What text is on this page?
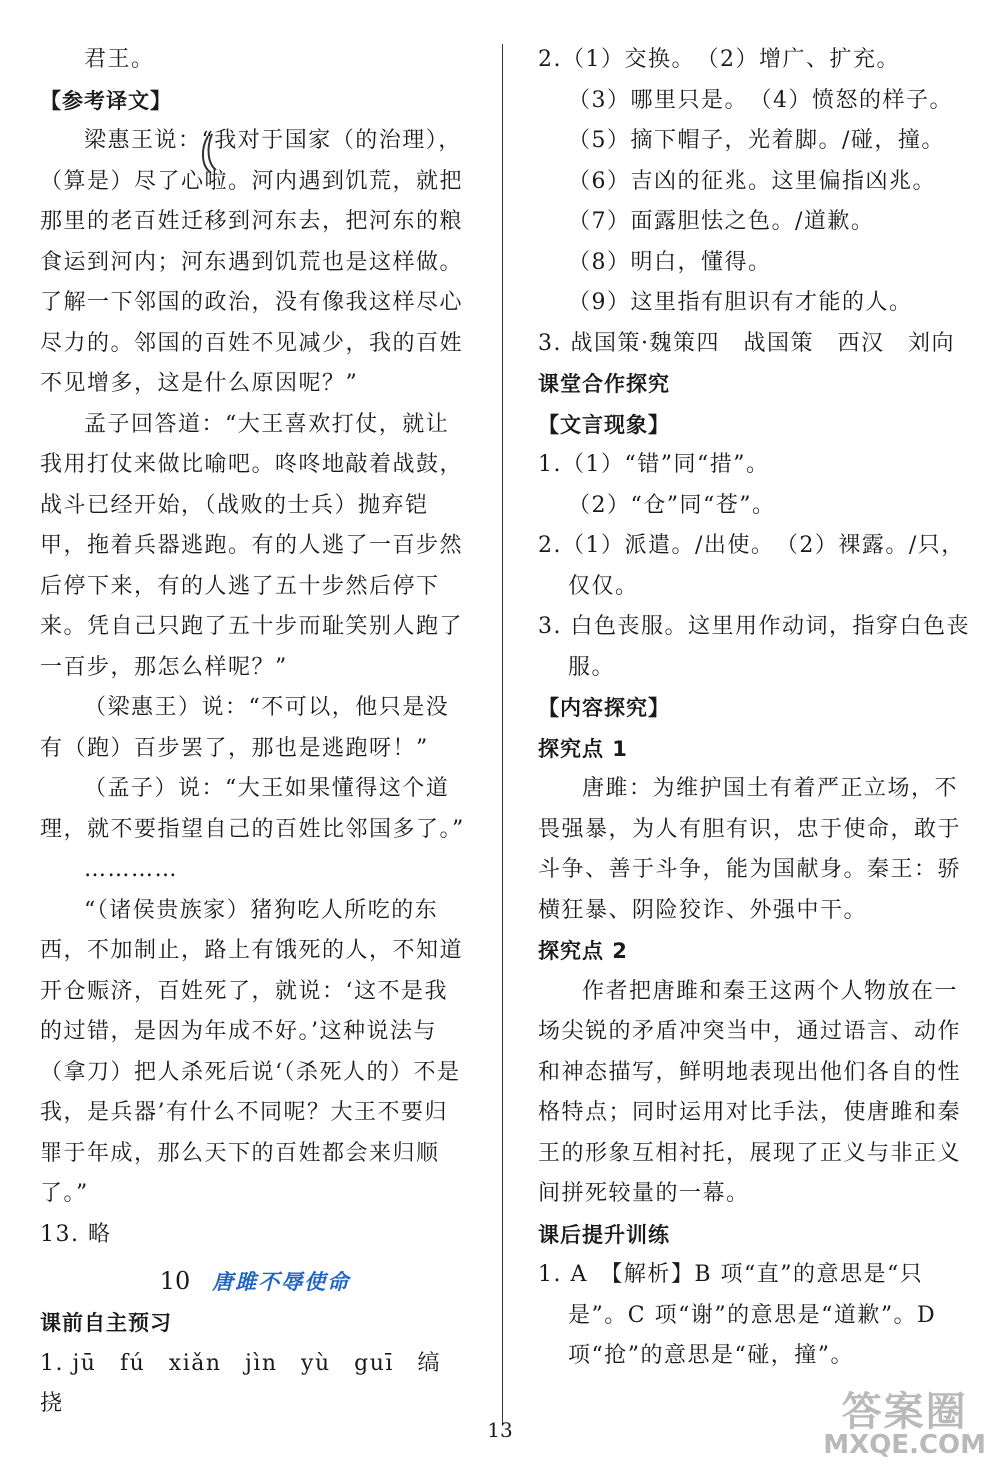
君王。
【参考译文】
梁惠王说：“我对于国家（的治理），（算是）尽了心啦。河内遇到饥荒，就把那里的老百姓迁移到河东去，把河东的粮食运到河内；河东遇到饥荒也是这样做。了解一下邻国的政治，没有像我这样尽心尽力的。邻国的百姓不见减少，我的百姓不见增多，这是什么原因呢？”
孟子回答道：“大王喜欢打仗，就让我用打仗来做比喻吧。咚咚地敲着战鼓，战斗已经开始，（战败的士兵）抛弃铠甲，拖着兵器逃跑。有的人逃了一百步然后停下来，有的人逃了五十步然后停下来。凭自己只跑了五十步而耻笑别人跑了一百步，那怎么样呢？”
（梁惠王）说：“不可以，他只是没有（跑）百步罢了，那也是逃跑呀！”
（孟子）说：“大王如果懂得这个道理，就不要指望自己的百姓比邻国多了。”
…………
“（诸侯贵族家）猪狗吃人所吃的东西，不加制止，路上有饿死的人，不知道开仓赈济，百姓死了，就说：‘这不是我的过错，是因为年成不好。’这种说法与（拿刀）把人杀死后说‘（杀死人的）不是我，是兵器’有什么不同呢？大王不要归罪于年成，那么天下的百姓都会来归顺了。”
13. 略
10 唐雎不辱使命
课前自主预习
1. jū　fú　xiǎn　jìn　yù　guī　缟　挠
2.（1）交换。　（2）增广、扩充。
（3）哪里只是。　（4）愤怒的样子。
（5）摘下帽子，光着脚。/碰，撞。
（6）吉凶的征兆。这里偏指凶兆。
（7）面露胆怯之色。/道歉。
（8）明白，懂得。
（9）这里指有胆识有才能的人。
3. 战国策·魏策四　战国策　西汉　刘向
课堂合作探究
【文言现象】
1.（1）“错”同“措”。　（2）“仓”同“苍”。
2.（1）派遣。/出使。　（2）裸露。/只，仅仅。
3. 白色丧服。这里用作动词，指穿白色丧服。
【内容探究】
探究点 1
唐雎：为维护国土有着严正立场，不畏强暴，为人有胆有识，忠于使命，敢于斗争、善于斗争，能为国献身。秦王：骄横狂暴、阴险狡诈、外强中干。
探究点 2
作者把唐雎和秦王这两个人物放在一场尖锐的矛盾冲突当中，通过语言、动作和神态描写，鲜明地表现出他们各自的性格特点；同时运用对比手法，使唐雎和秦王的形象互相衬托，展现了正义与非正义间拼死较量的一幕。
课后提升训练
1. A　【解析】B 项“直”的意思是“只是”。C 项“谢”的意思是“道歉”。D 项“抢”的意思是“碰，撞”。
13	答案圈
MXQE.COM
